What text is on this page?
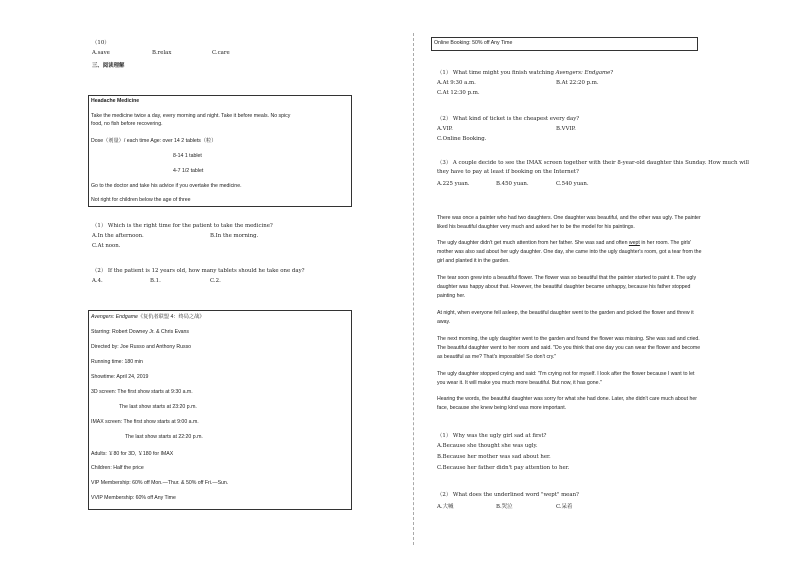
（10）
A.save	B.relax	C.care
三、阅读理解
Headache Medicine
Take the medicine twice a day, every morning and night. Take it before meals. No spicy
food, no fish before recovering.
Dose（剂量）/ each time Age: over 14 2 tablets（粒）
8-14 1 tablet
4-7 1/2 tablet
Go to the doctor and take his advice if you overtake the medicine.
Not right for children below the age of three
（1） Which is the right time for the patient to take the medicine?
A.In the afternoon.	B.In the morning.
C.At noon.
（2） If the patient is 12 years old, how many tablets should he take one day?
A.4.	B.1.	C.2.
Avengers: Endgame《复仇者联盟 4：终局之战》
Starring: Robert Downey Jr. & Chris Evans
Directed by: Joe Russo and Anthony Russo
Running time: 180 min
Showtime: April 24, 2019
3D screen: The first show starts at 9:30 a.m.
The last show starts at 23:20 p.m.
IMAX screen: The first show starts at 9:00 a.m.
The last show starts at 22:20 p.m.
Adults: ￥80 for 3D, ￥180 for IMAX
Children: Half the price
VIP Membership: 60% off Mon.—Thur. & 50% off Fri.—Sun.
VVIP Membership: 60% off Any Time
Online Booking: 50% off Any Time
（1） What time might you finish watching Avengers: Endgame?
A.At 9:30 a.m.	B.At 22:20 p.m.
C.At 12:30 p.m.
（2） What kind of ticket is the cheapest every day?
A.VIP.	B.VVIP.
C.Online Booking.
（3） A couple decide to see the IMAX screen together with their 8-year-old daughter this Sunday. How much will
they have to pay at least if booking on the Internet?
A.225 yuan.	B.450 yuan.	C.540 yuan.
There was once a painter who had two daughters. One daughter was beautiful, and the other was ugly. The painter
liked his beautiful daughter very much and asked her to be the model for his paintings.
The ugly daughter didn't get much attention from her father. She was sad and often wept in her room. The girls'
mother was also sad about her ugly daughter. One day, she came into the ugly daughter's room, got a tear from the
girl and planted it in the garden.
The tear soon grew into a beautiful flower. The flower was so beautiful that the painter started to paint it. The ugly
daughter was happy about that. However, the beautiful daughter became unhappy, because his father stopped
painting her.
At night, when everyone fell asleep, the beautiful daughter went to the garden and picked the flower and threw it
away.
The next morning, the ugly daughter went to the garden and found the flower was missing. She was sad and cried.
The beautiful daughter went to her room and said. "Do you think that one day you can wear the flower and become
as beautiful as me? That's impossible! So don't cry."
The ugly daughter stopped crying and said: "I'm crying not for myself. I look after the flower because I want to let
you wear it. It will make you much more beautiful. But now, it has gone."
Hearing the words, the beautiful daughter was sorry for what she had done. Later, she didn't care much about her
face, because she knew being kind was more important.
（1） Why was the ugly girl sad at first?
A.Because she thought she was ugly.
B.Because her mother was sad about her.
C.Because her father didn't pay attention to her.
（2） What does the underlined word "wept" mean?
A.大喊	B.哭泣	C.呆着
